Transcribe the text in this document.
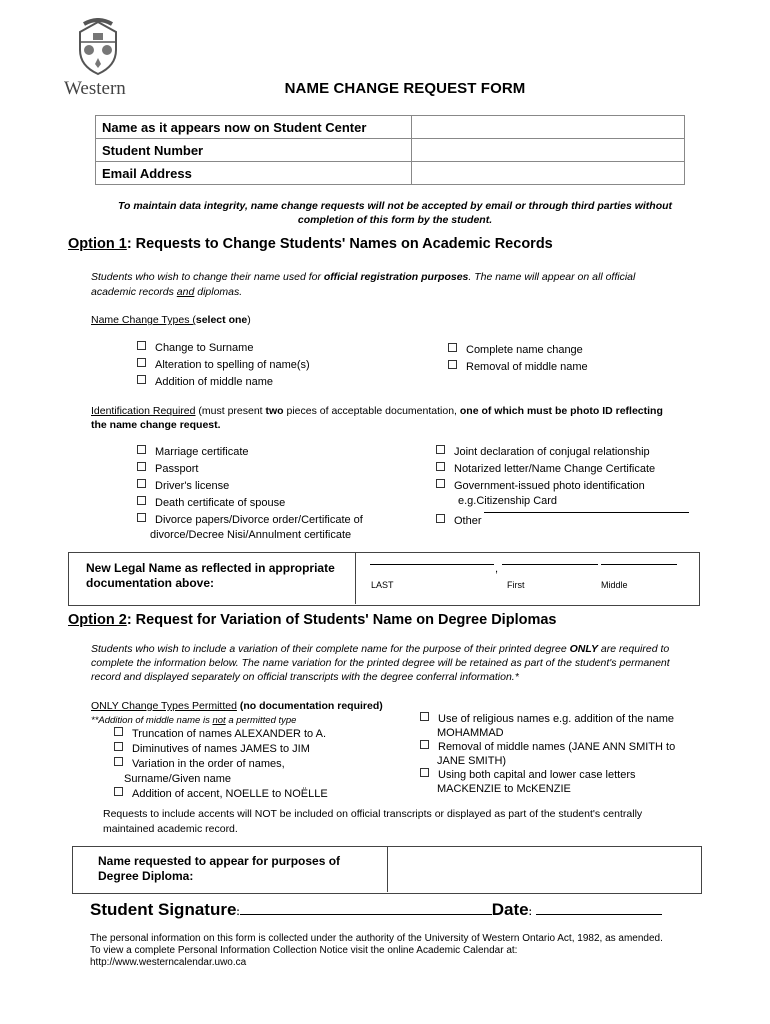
Western	NAME CHANGE REQUEST FORM
Name as it appears now on Student Center	
Student Number	
Email Address	
To maintain data integrity, name change requests will not be accepted by email or through third parties without completion of this form by the student.
Option 1: Requests to Change Students' Names on Academic Records
Students who wish to change their name used for official registration purposes. The name will appear on all official academic records and diplomas.
Name Change Types (select one)
Change to Surname
Alteration to spelling of name(s)
Addition of middle name
Complete name change
Removal of middle name
Identification Required (must present two pieces of acceptable documentation, one of which must be photo ID reflecting the name change request.
Marriage certificate
Passport
Driver's license
Death certificate of spouse
Divorce papers/Divorce order/Certificate of
divorce/Decree Nisi/Annulment certificate
Joint declaration of conjugal relationship
Notarized letter/Name Change Certificate
Government-issued photo identification
e.g.Citizenship Card
Other
New Legal Name as reflected in appropriate documentation above:
,
LAST	First	Middle
Option 2: Request for Variation of Students' Name on Degree Diplomas
Students who wish to include a variation of their complete name for the purpose of their printed degree ONLY are required to complete the information below. The name variation for the printed degree will be retained as part of the student's permanent record and displayed separately on official transcripts with the degree conferral information.*
ONLY Change Types Permitted (no documentation required)
**Addition of middle name is not a permitted type
Truncation of names ALEXANDER to A.
Diminutives of names JAMES to JIM
Variation in the order of names,
Surname/Given name
Addition of accent, NOELLE to NOËLLE
Use of religious names e.g. addition of the name
MOHAMMAD
Removal of middle names (JANE ANN SMITH to
JANE SMITH)
Using both capital and lower case letters
MACKENZIE to McKENZIE
Requests to include accents will NOT be included on official transcripts or displayed as part of the student's centrally maintained academic record.
Name requested to appear for purposes of Degree Diploma:
Student Signature:	Date:
The personal information on this form is collected under the authority of the University of Western Ontario Act, 1982, as amended.
To view a complete Personal Information Collection Notice visit the online Academic Calendar at:
http://www.westerncalendar.uwo.ca
